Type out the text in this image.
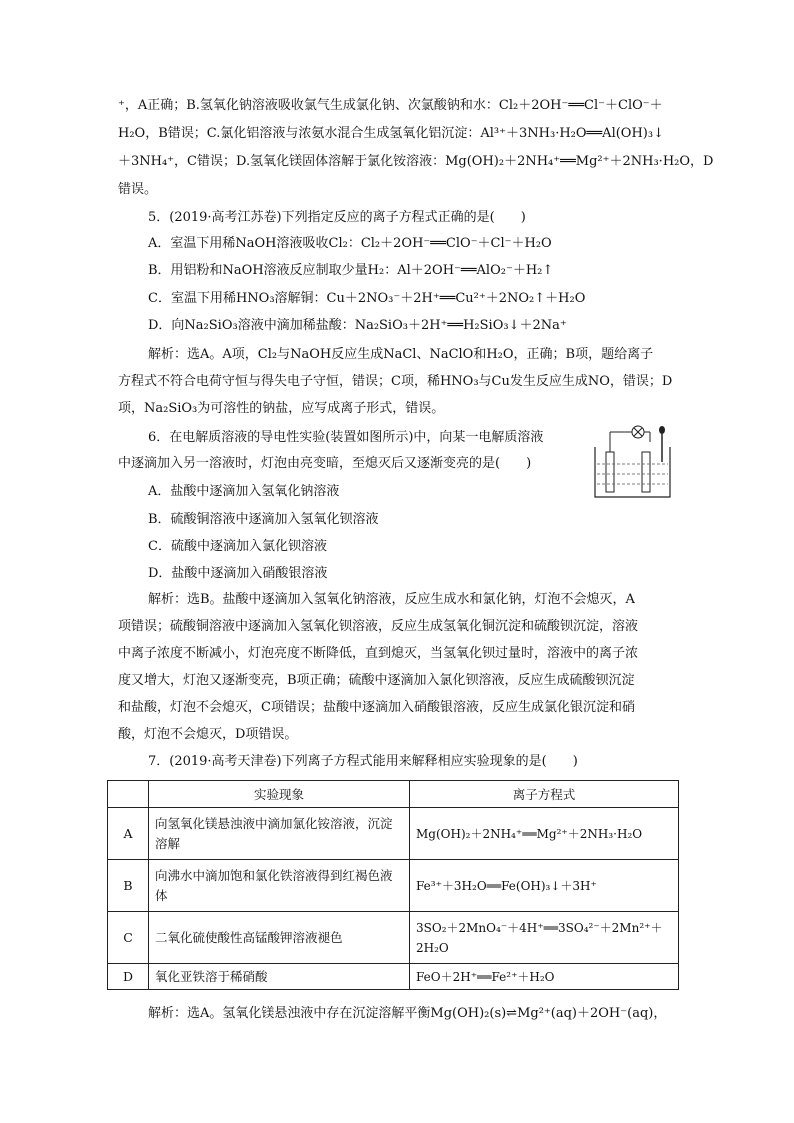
⁺，A正确；B.氢氧化钠溶液吸收氯气生成氯化钠、次氯酸钠和水：Cl₂＋2OH⁻══Cl⁻＋ClO⁻＋
H₂O，B错误；C.氯化铝溶液与浓氨水混合生成氢氧化铝沉淀：Al³⁺＋3NH₃·H₂O══Al(OH)₃↓
＋3NH₄⁺，C错误；D.氢氧化镁固体溶解于氯化铵溶液：Mg(OH)₂＋2NH₄⁺══Mg²⁺＋2NH₃·H₂O，D
错误。
5．(2019·高考江苏卷)下列指定反应的离子方程式正确的是(　　)
A．室温下用稀NaOH溶液吸收Cl₂：Cl₂＋2OH⁻══ClO⁻＋Cl⁻＋H₂O
B．用铝粉和NaOH溶液反应制取少量H₂：Al＋2OH⁻══AlO₂⁻＋H₂↑
C．室温下用稀HNO₃溶解铜：Cu＋2NO₃⁻＋2H⁺══Cu²⁺＋2NO₂↑＋H₂O
D．向Na₂SiO₃溶液中滴加稀盐酸：Na₂SiO₃＋2H⁺══H₂SiO₃↓＋2Na⁺
解析：选A。A项，Cl₂与NaOH反应生成NaCl、NaClO和H₂O，正确；B项，题给离子
方程式不符合电荷守恒与得失电子守恒，错误；C项，稀HNO₃与Cu发生反应生成NO，错误；D
项，Na₂SiO₃为可溶性的钠盐，应写成离子形式，错误。
6．在电解质溶液的导电性实验(装置如图所示)中，向某一电解质溶液
中逐滴加入另一溶液时，灯泡由亮变暗，至熄灭后又逐渐变亮的是(　　)
A．盐酸中逐滴加入氢氧化钠溶液
B．硫酸铜溶液中逐滴加入氢氧化钡溶液
C．硫酸中逐滴加入氯化钡溶液
D．盐酸中逐滴加入硝酸银溶液
解析：选B。盐酸中逐滴加入氢氧化钠溶液，反应生成水和氯化钠，灯泡不会熄灭，A
项错误；硫酸铜溶液中逐滴加入氢氧化钡溶液，反应生成氢氧化铜沉淀和硫酸钡沉淀，溶液
中离子浓度不断减小，灯泡亮度不断降低，直到熄灭，当氢氧化钡过量时，溶液中的离子浓
度又增大，灯泡又逐渐变亮，B项正确；硫酸中逐滴加入氯化钡溶液，反应生成硫酸钡沉淀
和盐酸，灯泡不会熄灭，C项错误；盐酸中逐滴加入硝酸银溶液，反应生成氯化银沉淀和硝
酸，灯泡不会熄灭，D项错误。
7．(2019·高考天津卷)下列离子方程式能用来解释相应实验现象的是(　　)
	实验现象	离子方程式
A	向氢氧化镁悬浊液中滴加氯化铵溶液，沉淀溶解	Mg(OH)₂＋2NH₄⁺══Mg²⁺＋2NH₃·H₂O
B	向沸水中滴加饱和氯化铁溶液得到红褐色液体	Fe³⁺＋3H₂O══Fe(OH)₃↓＋3H⁺
C	二氧化硫使酸性高锰酸钾溶液褪色	3SO₂＋2MnO₄⁻＋4H⁺══3SO₄²⁻＋2Mn²⁺＋2H₂O
D	氧化亚铁溶于稀硝酸	FeO＋2H⁺══Fe²⁺＋H₂O
解析：选A。氢氧化镁悬浊液中存在沉淀溶解平衡Mg(OH)₂(s)⇌Mg²⁺(aq)＋2OH⁻(aq)，
